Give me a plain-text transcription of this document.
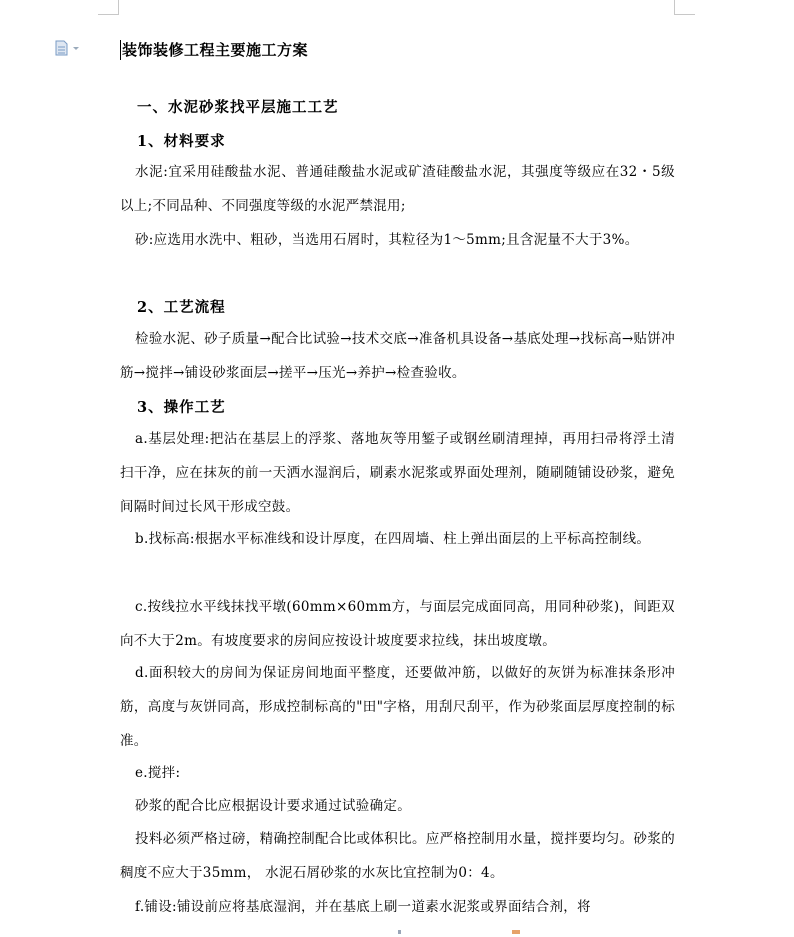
装饰装修工程主要施工方案
一、水泥砂浆找平层施工工艺
1、材料要求
水泥:宜采用硅酸盐水泥、普通硅酸盐水泥或矿渣硅酸盐水泥，其强度等级应在32・5级以上;不同品种、不同强度等级的水泥严禁混用;
砂:应选用水洗中、粗砂，当选用石屑时，其粒径为1～5mm;且含泥量不大于3%。
2、工艺流程
检验水泥、砂子质量→配合比试验→技术交底→准备机具设备→基底处理→找标高→贴饼冲筋→搅拌→铺设砂浆面层→搓平→压光→养护→检查验收。
3、操作工艺
a.基层处理:把沾在基层上的浮浆、落地灰等用錾子或钢丝刷清理掉，再用扫帚将浮土清扫干净，应在抹灰的前一天洒水湿润后，刷素水泥浆或界面处理剂，随刷随铺设砂浆，避免间隔时间过长风干形成空鼓。
b.找标高:根据水平标准线和设计厚度，在四周墙、柱上弹出面层的上平标高控制线。
c.按线拉水平线抹找平墩(60mm×60mm方，与面层完成面同高，用同种砂浆)，间距双向不大于2m。有坡度要求的房间应按设计坡度要求拉线，抹出坡度墩。
d.面积较大的房间为保证房间地面平整度，还要做冲筋，以做好的灰饼为标准抹条形冲筋，高度与灰饼同高，形成控制标高的"田"字格，用刮尺刮平，作为砂浆面层厚度控制的标准。
e.搅拌:
砂浆的配合比应根据设计要求通过试验确定。
投料必须严格过磅，精确控制配合比或体积比。应严格控制用水量，搅拌要均匀。砂浆的稠度不应大于35mm， 水泥石屑砂浆的水灰比宜控制为0：4。
f.铺设:铺设前应将基底湿润，并在基底上刷一道素水泥浆或界面结合剂，将
